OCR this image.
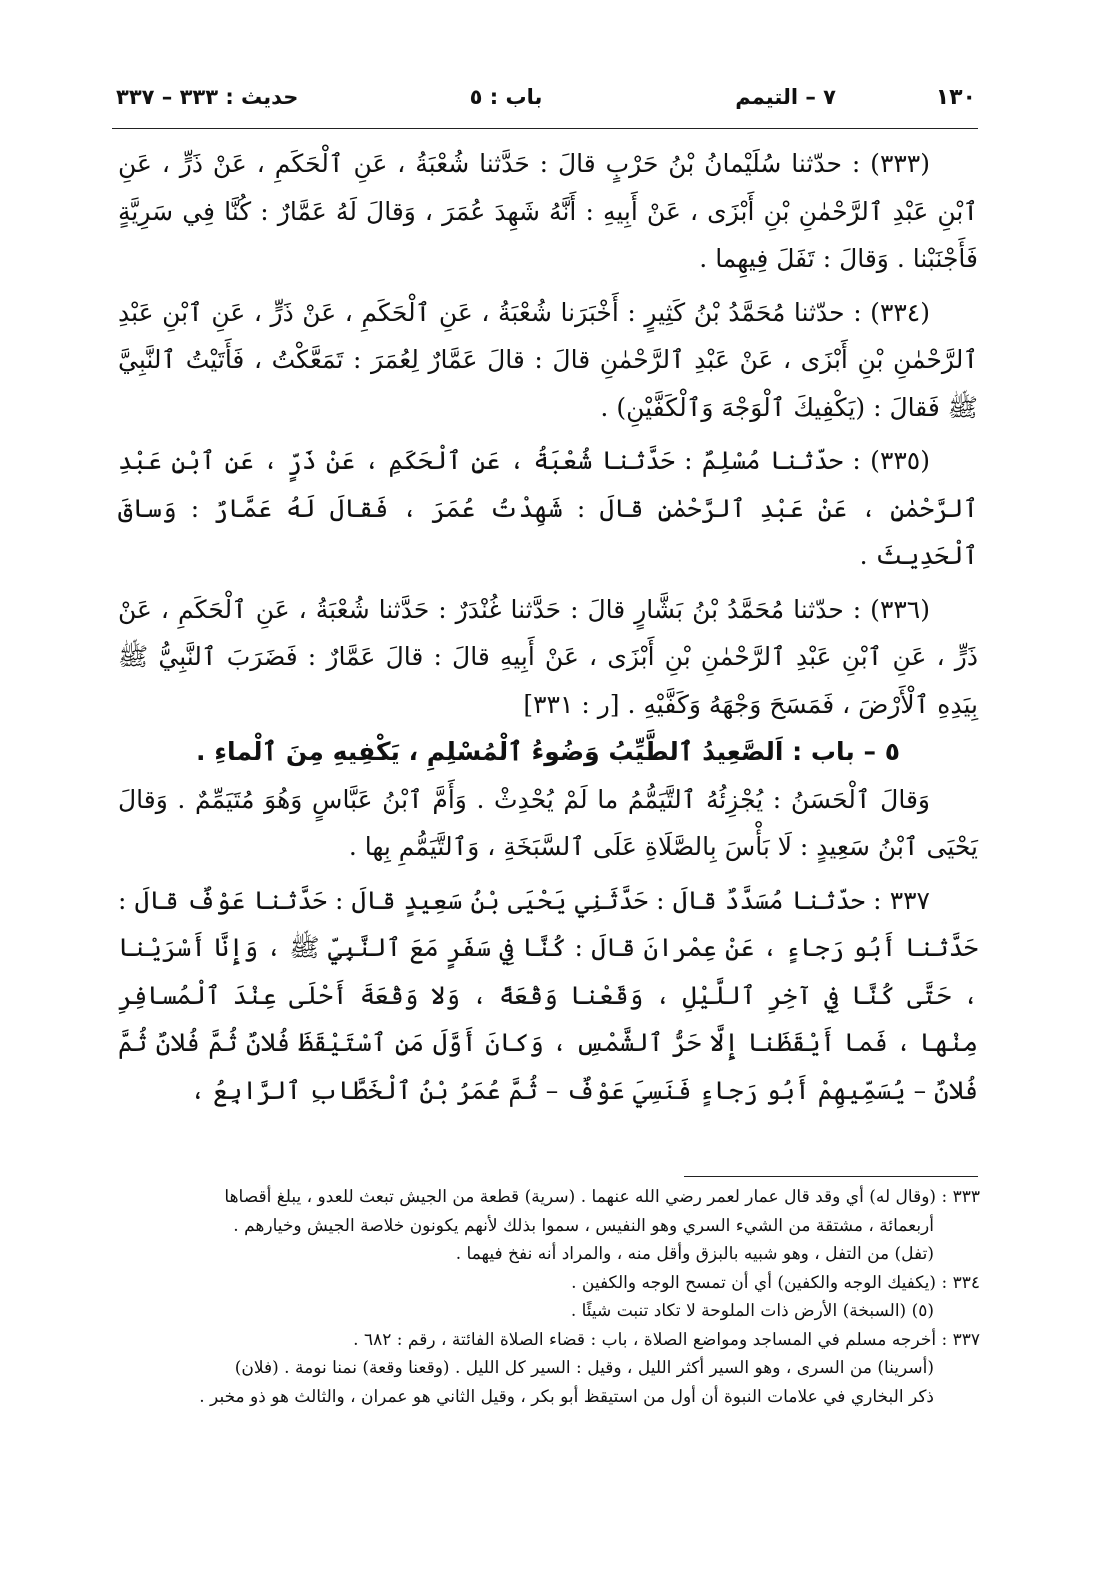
١٣٠
٧ – التيمم
باب : ٥
حديث : ٣٣٣ – ٣٣٧

(٣٣٣) : حدّثنا سُلَيْمانُ بْنُ حَرْبٍ قالَ : حَدَّثنا شُعْبَةُ ، عَنِ ٱلْحَكَمِ ، عَنْ ذَرٍّ ، عَنِ ٱبْنِ عَبْدِ ٱلرَّحْمٰنِ بْنِ أَبْزَى ، عَنْ أَبِيهِ : أَنَّهُ شَهِدَ عُمَرَ ، وَقالَ لَهُ عَمَّارٌ : كُنَّا فِي سَرِيَّةٍ فَأَجْنَبْنا . وَقالَ : تَفَلَ فِيهِما .

(٣٣٤) : حدّثنا مُحَمَّدُ بْنُ كَثِيرٍ : أَخْبَرَنا شُعْبَةُ ، عَنِ ٱلْحَكَمِ ، عَنْ ذَرٍّ ، عَنِ ٱبْنِ عَبْدِ ٱلرَّحْمٰنِ بْنِ أَبْزَى ، عَنْ عَبْدِ ٱلرَّحْمٰنِ قالَ : قالَ عَمَّارٌ لِعُمَرَ : تَمَعَّكْتُ ، فَأَتَيْتُ ٱلنَّبِيَّ ﷺ فَقالَ : (يَكْفِيكَ ٱلْوَجْهَ وَٱلْكَفَّيْنِ) .

(٣٣٥) : حدّثنا مُسْلِمٌ : حَدَّثنا شُعْبَةُ ، عَنِ ٱلْحَكَمِ ، عَنْ ذَرٍّ ، عَنِ ٱبْنِ عَبْدِ ٱلرَّحْمٰنِ ، عَنْ عَبْدِ ٱلرَّحْمٰنِ قالَ : شَهِدْتُ عُمَرَ ، فَقالَ لَهُ عَمَّارٌ : وَساقَ ٱلْحَدِيثَ .

(٣٣٦) : حدّثنا مُحَمَّدُ بْنُ بَشَّارٍ قالَ : حَدَّثنا غُنْدَرٌ : حَدَّثنا شُعْبَةُ ، عَنِ ٱلْحَكَمِ ، عَنْ ذَرٍّ ، عَنِ ٱبْنِ عَبْدِ ٱلرَّحْمٰنِ بْنِ أَبْزَى ، عَنْ أَبِيهِ قالَ : قالَ عَمَّارٌ : فَضَرَبَ ٱلنَّبِيُّ ﷺ بِيَدِهِ ٱلْأَرْضَ ، فَمَسَحَ وَجْهَهُ وَكَفَّيْهِ . [ر : ٣٣١]

٥ – باب : اَلصَّعِيدُ ٱلطَّيِّبُ وَضُوءُ ٱلْمُسْلِمِ ، يَكْفِيهِ مِنَ ٱلْماءِ .

وَقالَ ٱلْحَسَنُ : يُجْزِئُهُ ٱلتَّيَمُّمُ ما لَمْ يُحْدِثْ . وَأَمَّ ٱبْنُ عَبَّاسٍ وَهُوَ مُتَيَمِّمٌ . وَقالَ يَحْيَى ٱبْنُ سَعِيدٍ : لَا بَأْسَ بِالصَّلَاةِ عَلَى ٱلسَّبَخَةِ ، وَٱلتَّيَمُّمِ بِها .

٣٣٧ : حدّثنا مُسَدَّدٌ قالَ : حَدَّثَنِي يَحْيَى بْنُ سَعِيدٍ قالَ : حَدَّثنا عَوْفٌ قالَ : حَدَّثنا أَبُو رَجاءٍ ، عَنْ عِمْرانَ قالَ : كُنَّا فِي سَفَرٍ مَعَ ٱلنَّبِيِّ ﷺ ، وَإِنَّا أَسْرَيْنا ، حَتَّى كُنَّا فِي آخِرِ ٱللَّيْلِ ، وَقَعْنا وَقْعَةً ، وَلا وَقْعَةَ أَحْلَى عِنْدَ ٱلْمُسافِرِ مِنْها ، فَما أَيْقَظَنا إِلَّا حَرُّ ٱلشَّمْسِ ، وَكانَ أَوَّلَ مَنِ ٱسْتَيْقَظَ فُلانٌ ثُمَّ فُلانٌ ثُمَّ فُلانٌ – يُسَمِّيهِمْ أَبُو رَجاءٍ فَنَسِيَ عَوْفٌ – ثُمَّ عُمَرُ بْنُ ٱلْخَطَّابِ ٱلرَّابِعُ ،

٣٣٣ : (وقال له) أي وقد قال عمار لعمر رضي الله عنهما . (سرية) قطعة من الجيش تبعث للعدو ، يبلغ أقصاها

أربعمائة ، مشتقة من الشيء السري وهو النفيس ، سموا بذلك لأنهم يكونون خلاصة الجيش وخيارهم .

(تفل) من التفل ، وهو شبيه بالبزق وأقل منه ، والمراد أنه نفخ فيهما .

٣٣٤ : (يكفيك الوجه والكفين) أي أن تمسح الوجه والكفين .

(٥) (السبخة) الأرض ذات الملوحة لا تكاد تنبت شيئًا .

٣٣٧ : أخرجه مسلم في المساجد ومواضع الصلاة ، باب : قضاء الصلاة الفائتة ، رقم : ٦٨٢ .

(أسرينا) من السرى ، وهو السير أكثر الليل ، وقيل : السير كل الليل . (وقعنا وقعة) نمنا نومة . (فلان)

ذكر البخاري في علامات النبوة أن أول من استيقظ أبو بكر ، وقيل الثاني هو عمران ، والثالث هو ذو مخبر .
